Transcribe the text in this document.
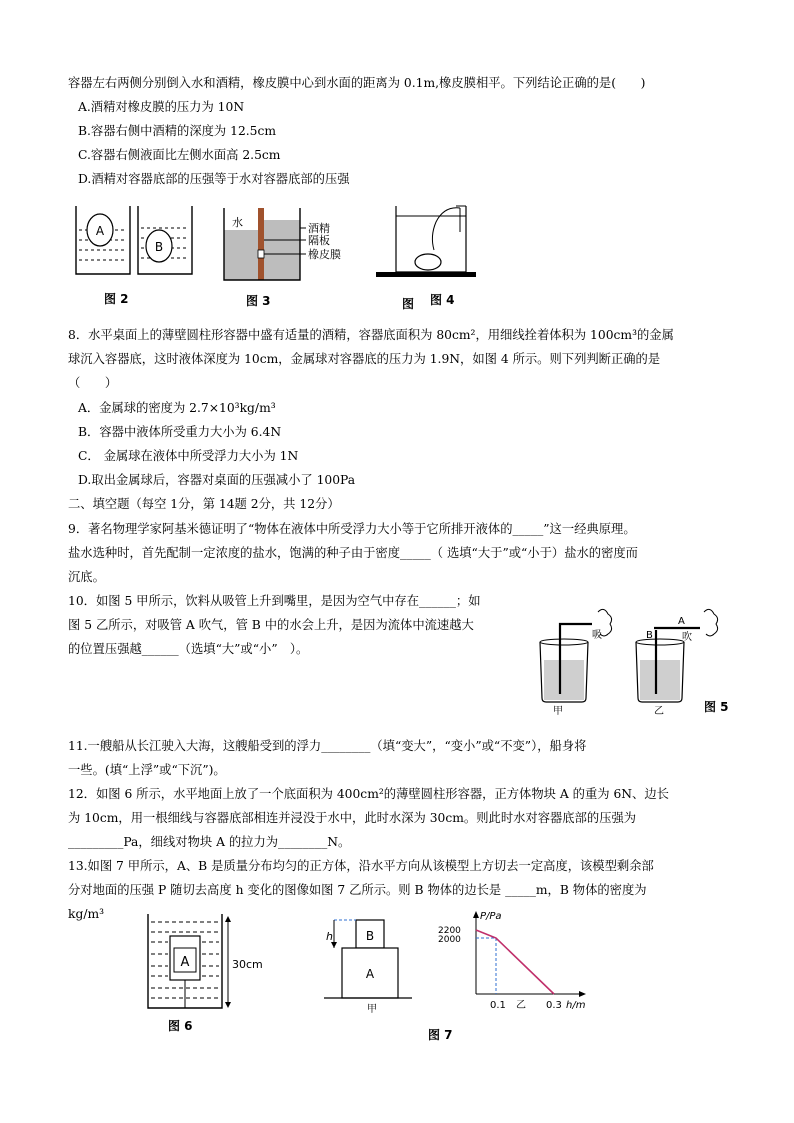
容器左右两侧分别倒入水和酒精，橡皮膜中心到水面的距离为 0.1m,橡皮膜相平。下列结论正确的是(　　)
A.酒精对橡皮膜的压力为 10N
B.容器右侧中酒精的深度为 12.5cm
C.容器右侧液面比左侧水面高 2.5cm
D.酒精对容器底部的压强等于水对容器底部的压强
A
B
图 2
水	酒精
隔板
橡皮膜
图 3	图 图 4
8．水平桌面上的薄壁圆柱形容器中盛有适量的酒精，容器底面积为 80cm²，用细线拴着体积为 100cm³的金属
球沉入容器底，这时液体深度为 10cm，金属球对容器底的压力为 1.9N，如图 4 所示。则下列判断正确的是
（　　）
A．金属球的密度为 2.7×10³kg/m³
B．容器中液体所受重力大小为 6.4N
C． 金属球在液体中所受浮力大小为 1N
D.取出金属球后，容器对桌面的压强减小了 100Pa
二、填空题（每空 1分，第 14题 2分，共 12分）
9．著名物理学家阿基米德证明了“物体在液体中所受浮力大小等于它所排开液体的_____”这一经典原理。
盐水选种时，首先配制一定浓度的盐水，饱满的种子由于密度_____（ 选填“大于”或“小于）盐水的密度而
沉底。
10．如图 5 甲所示，饮料从吸管上升到嘴里，是因为空气中存在______；如
图 5 乙所示，对吸管 A 吹气，管 B 中的水会上升，是因为流体中流速越大
的位置压强越______（选填“大”或“小”　）。
吸
A
B	吹
甲	乙	图 5
11.一艘船从长江驶入大海，这艘船受到的浮力________（填“变大”，“变小”或“不变”），船身将
一些。(填“上浮”或“下沉”)。
12．如图 6 所示，水平地面上放了一个底面积为 400cm²的薄壁圆柱形容器，正方体物块 A 的重为 6N、边长
为 10cm，用一根细线与容器底部相连并浸没于水中，此时水深为 30cm。则此时水对容器底部的压强为
_________Pa，细线对物块 A 的拉力为________N。
13.如图 7 甲所示，A、B 是质量分布均匀的正方体，沿水平方向从该模型上方切去一定高度，该模型剩余部
分对地面的压强 P 随切去高度 h 变化的图像如图 7 乙所示。则 B 物体的边长是 _____m，B 物体的密度为
kg/m³
A	30cm
图 6
h	B
A
甲
P/Pa
2200
2000
0.1	0.3
乙	h/m
图 7
